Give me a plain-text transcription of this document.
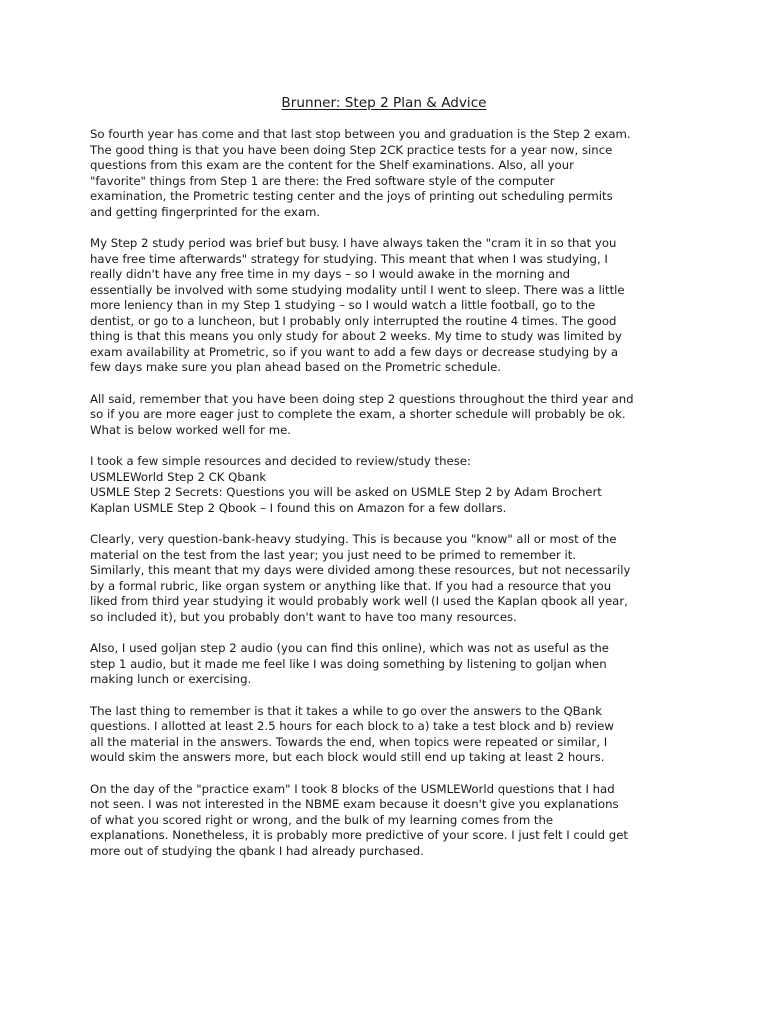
Brunner: Step 2 Plan & Advice

So fourth year has come and that last stop between you and graduation is the Step 2 exam.
The good thing is that you have been doing Step 2CK practice tests for a year now, since
questions from this exam are the content for the Shelf examinations. Also, all your
"favorite" things from Step 1 are there: the Fred software style of the computer
examination, the Prometric testing center and the joys of printing out scheduling permits
and getting fingerprinted for the exam.

My Step 2 study period was brief but busy. I have always taken the "cram it in so that you
have free time afterwards" strategy for studying. This meant that when I was studying, I
really didn't have any free time in my days – so I would awake in the morning and
essentially be involved with some studying modality until I went to sleep. There was a little
more leniency than in my Step 1 studying – so I would watch a little football, go to the
dentist, or go to a luncheon, but I probably only interrupted the routine 4 times. The good
thing is that this means you only study for about 2 weeks. My time to study was limited by
exam availability at Prometric, so if you want to add a few days or decrease studying by a
few days make sure you plan ahead based on the Prometric schedule.

All said, remember that you have been doing step 2 questions throughout the third year and
so if you are more eager just to complete the exam, a shorter schedule will probably be ok.
What is below worked well for me.

I took a few simple resources and decided to review/study these:

USMLEWorld Step 2 CK Qbank

USMLE Step 2 Secrets: Questions you will be asked on USMLE Step 2 by Adam Brochert

Kaplan USMLE Step 2 Qbook – I found this on Amazon for a few dollars.

Clearly, very question-bank-heavy studying. This is because you "know" all or most of the
material on the test from the last year; you just need to be primed to remember it.
Similarly, this meant that my days were divided among these resources, but not necessarily
by a formal rubric, like organ system or anything like that. If you had a resource that you
liked from third year studying it would probably work well (I used the Kaplan qbook all year,
so included it), but you probably don't want to have too many resources.

Also, I used goljan step 2 audio (you can find this online), which was not as useful as the
step 1 audio, but it made me feel like I was doing something by listening to goljan when
making lunch or exercising.

The last thing to remember is that it takes a while to go over the answers to the QBank
questions. I allotted at least 2.5 hours for each block to a) take a test block and b) review
all the material in the answers. Towards the end, when topics were repeated or similar, I
would skim the answers more, but each block would still end up taking at least 2 hours.

On the day of the "practice exam" I took 8 blocks of the USMLEWorld questions that I had
not seen. I was not interested in the NBME exam because it doesn't give you explanations
of what you scored right or wrong, and the bulk of my learning comes from the
explanations. Nonetheless, it is probably more predictive of your score. I just felt I could get
more out of studying the qbank I had already purchased.
